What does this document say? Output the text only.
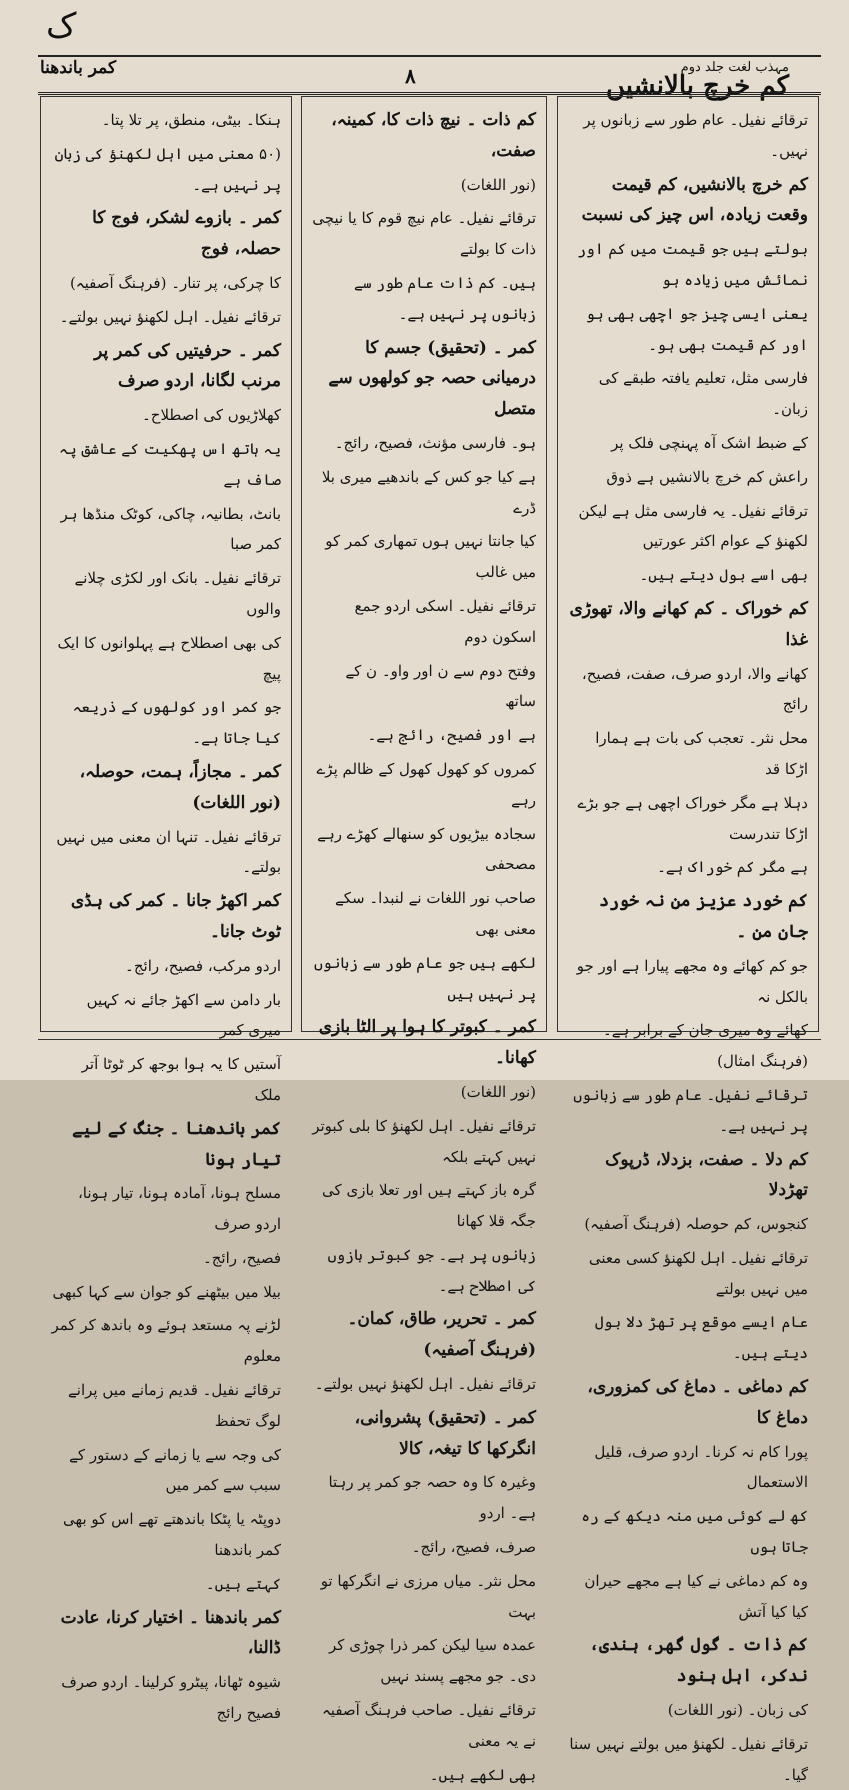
ک
مہذب لغت جلد دوم
کم خرچ بالانشیں
۸
کمر باندھنا

ترقائے نفیل۔ عام طور سے زبانوں پر نہیں۔

کم خرچ بالانشیں، کم قیمت وقعت زیادہ، اس چیز کی نسبت

بولتے ہیں جو قیمت میں کم اور نمائش میں زیادہ ہو

یعنی ایسی چیز جو اچھی بھی ہو اور کم قیمت بھی ہو۔

فارسی مثل، تعلیم یافتہ طبقے کی زبان۔

کے ضبط اشک آہ پہنچی فلک پر

راعش کم خرچ بالانشیں ہے ذوق

ترقائے نفیل۔ یہ فارسی مثل ہے لیکن لکھنؤ کے عوام اکثر عورتیں

بھی اسے بول دیتے ہیں۔

کم خوراک ۔ کم کھانے والا، تھوڑی غذا

کھانے والا، اردو صرف، صفت، فصیح، رائج

محل نثر۔ تعجب کی بات ہے ہمارا اڑکا قد

دہلا ہے مگر خوراک اچھی ہے جو بڑے اڑکا تندرست

ہے مگر کم خوراک ہے۔

کم خورد عزیز من نہ خورد جان من ۔

جو کم کھائے وہ مجھے پیارا ہے اور جو بالکل نہ

کھائے وہ میری جان کے برابر ہے۔ (فرہنگ امثال)

ترقائے نفیل۔ عام طور سے زبانوں پر نہیں ہے۔

کم دلا ۔ صفت، بزدلا، ڈرپوک تھڑدلا

کنجوس، کم حوصلہ (فرہنگ آصفیہ)

ترقائے نفیل۔ اہل لکھنؤ کسی معنی میں نہیں بولتے

عام ایسے موقع پر تھڑ دلا بول دیتے ہیں۔

کم دماغی ۔ دماغ کی کمزوری، دماغ کا

پورا کام نہ کرنا۔ اردو صرف، قلیل الاستعمال

کھ لے کوئی میں منہ دیکھ کے رہ جاتا ہوں

وہ کم دماغی نے کیا ہے مجھے حیران کیا کیا آتش

کم ذات ۔ گول گھر، ہندی، ندکر، اہل ہنود

کی زبان۔ (نور اللغات)

ترقائے نفیل۔ لکھنؤ میں بولتے نہیں سنا گیا۔

کم ذات ۔ نیچ ذات کا، کمینہ، صفت،

(نور اللغات)

ترقائے نفیل۔ عام نیچ قوم کا یا نیچی ذات کا بولتے

ہیں۔ کم ذات عام طور سے زبانوں پر نہیں ہے۔

کمر ۔ (تحقیق) جسم کا درمیانی حصہ جو کولھوں سے متصل

ہو۔ فارسی مؤنث، فصیح، رائج۔

ہے کیا جو کس کے باندھیے میری بلا ڈرے

کیا جانتا نہیں ہوں تمھاری کمر کو میں غالب

ترقائے نفیل۔ اسکی اردو جمع اسکون دوم

وفتح دوم سے ن اور واو۔ ن کے ساتھ

ہے اور فصیح، رائج ہے۔

کمروں کو کھول کھول کے ظالم پڑے رہے

سجادہ بیڑیوں کو سنھالے کھڑے رہے مصحفی

صاحب نور اللغات نے لنبدا۔ سکے معنی بھی

لکھے ہیں جو عام طور سے زبانوں پر نہیں ہیں

کمر ۔ کبوتر کا ہوا پر الٹا بازی کھانا۔

(نور اللغات)

ترقائے نفیل۔ اہل لکھنؤ کا بلی کبوتر نہیں کہتے بلکہ

گرہ باز کہتے ہیں اور تعلا بازی کی جگہ قلا کھانا

زبانوں پر ہے۔ جو کبوتر بازوں کی اصطلاح ہے۔

کمر ۔ تحریر، طاق، کمان۔ (فرہنگ آصفیہ)

ترقائے نفیل۔ اہل لکھنؤ نہیں بولتے۔

کمر ۔ (تحقیق) پشروانی، انگرکھا کا تیغہ، کالا

وغیرہ کا وہ حصہ جو کمر پر رہتا ہے۔ اردو

صرف، فصیح، رائج۔

محل نثر۔ میاں مرزی نے انگرکھا تو بہت

عمدہ سیا لیکن کمر ذرا چوڑی کر دی۔ جو مجھے پسند نہیں

ترقائے نفیل۔ صاحب فرہنگ آصفیہ نے یہ معنی

بھی لکھے ہیں۔

ہنکا۔ بیٹی، منطق، پر تلا پتا۔

(۵۰ معنی میں اہل لکھنؤ کی زبان پر نہیں ہے۔

کمر ۔ بازوے لشکر، فوج کا حصلہ، فوج

کا چرکی، پر تنار۔ (فرہنگ آصفیہ)

ترقائے نفیل۔ اہل لکھنؤ نہیں بولتے۔

کمر ۔ حرفیتیں کی کمر پر مرنب لگانا، اردو صرف

کھلاڑیوں کی اصطلاح۔

یہ ہاتھ اس پھکیت کے عاشق پہ صاف ہے

بانٹ، بطانیہ، چاکی، کوٹک منڈھا ہر کمر صبا

ترقائے نفیل۔ بانک اور لکڑی چلانے والوں

کی بھی اصطلاح ہے پہلوانوں کا ایک پیچ

جو کمر اور کولھوں کے ذریعہ کیا جاتا ہے۔

کمر ۔ مجازاً، ہمت، حوصلہ، (نور اللغات)

ترقائے نفیل۔ تنہا ان معنی میں نہیں بولتے۔

کمر اکھڑ جانا ۔ کمر کی ہڈی ٹوٹ جانا۔

اردو مرکب، فصیح، رائج۔

بار دامن سے اکھڑ جائے نہ کہیں میری کمر

آستیں کا یہ ہوا بوجھ کر ٹوٹا آتر ملک

کمر باندھنا ۔ جنگ کے لیے تیار ہونا

مسلح ہونا، آمادہ ہونا، تیار ہونا، اردو صرف

فصیح، رائج۔

بیلا میں بیٹھنے کو جوان سے کہا کبھی

لڑنے پہ مستعد ہوئے وہ باندھ کر کمر معلوم

ترقائے نفیل۔ قدیم زمانے میں پرانے لوگ تحفظ

کی وجہ سے یا زمانے کے دستور کے سبب سے کمر میں

دوپٹہ یا پٹکا باندھتے تھے اس کو بھی کمر باندھنا

کہتے ہیں۔

کمر باندھنا ۔ اختیار کرنا، عادت ڈالنا،

شیوہ ٹھانا، پیٹرو کرلینا۔ اردو صرف فصیح رائج
